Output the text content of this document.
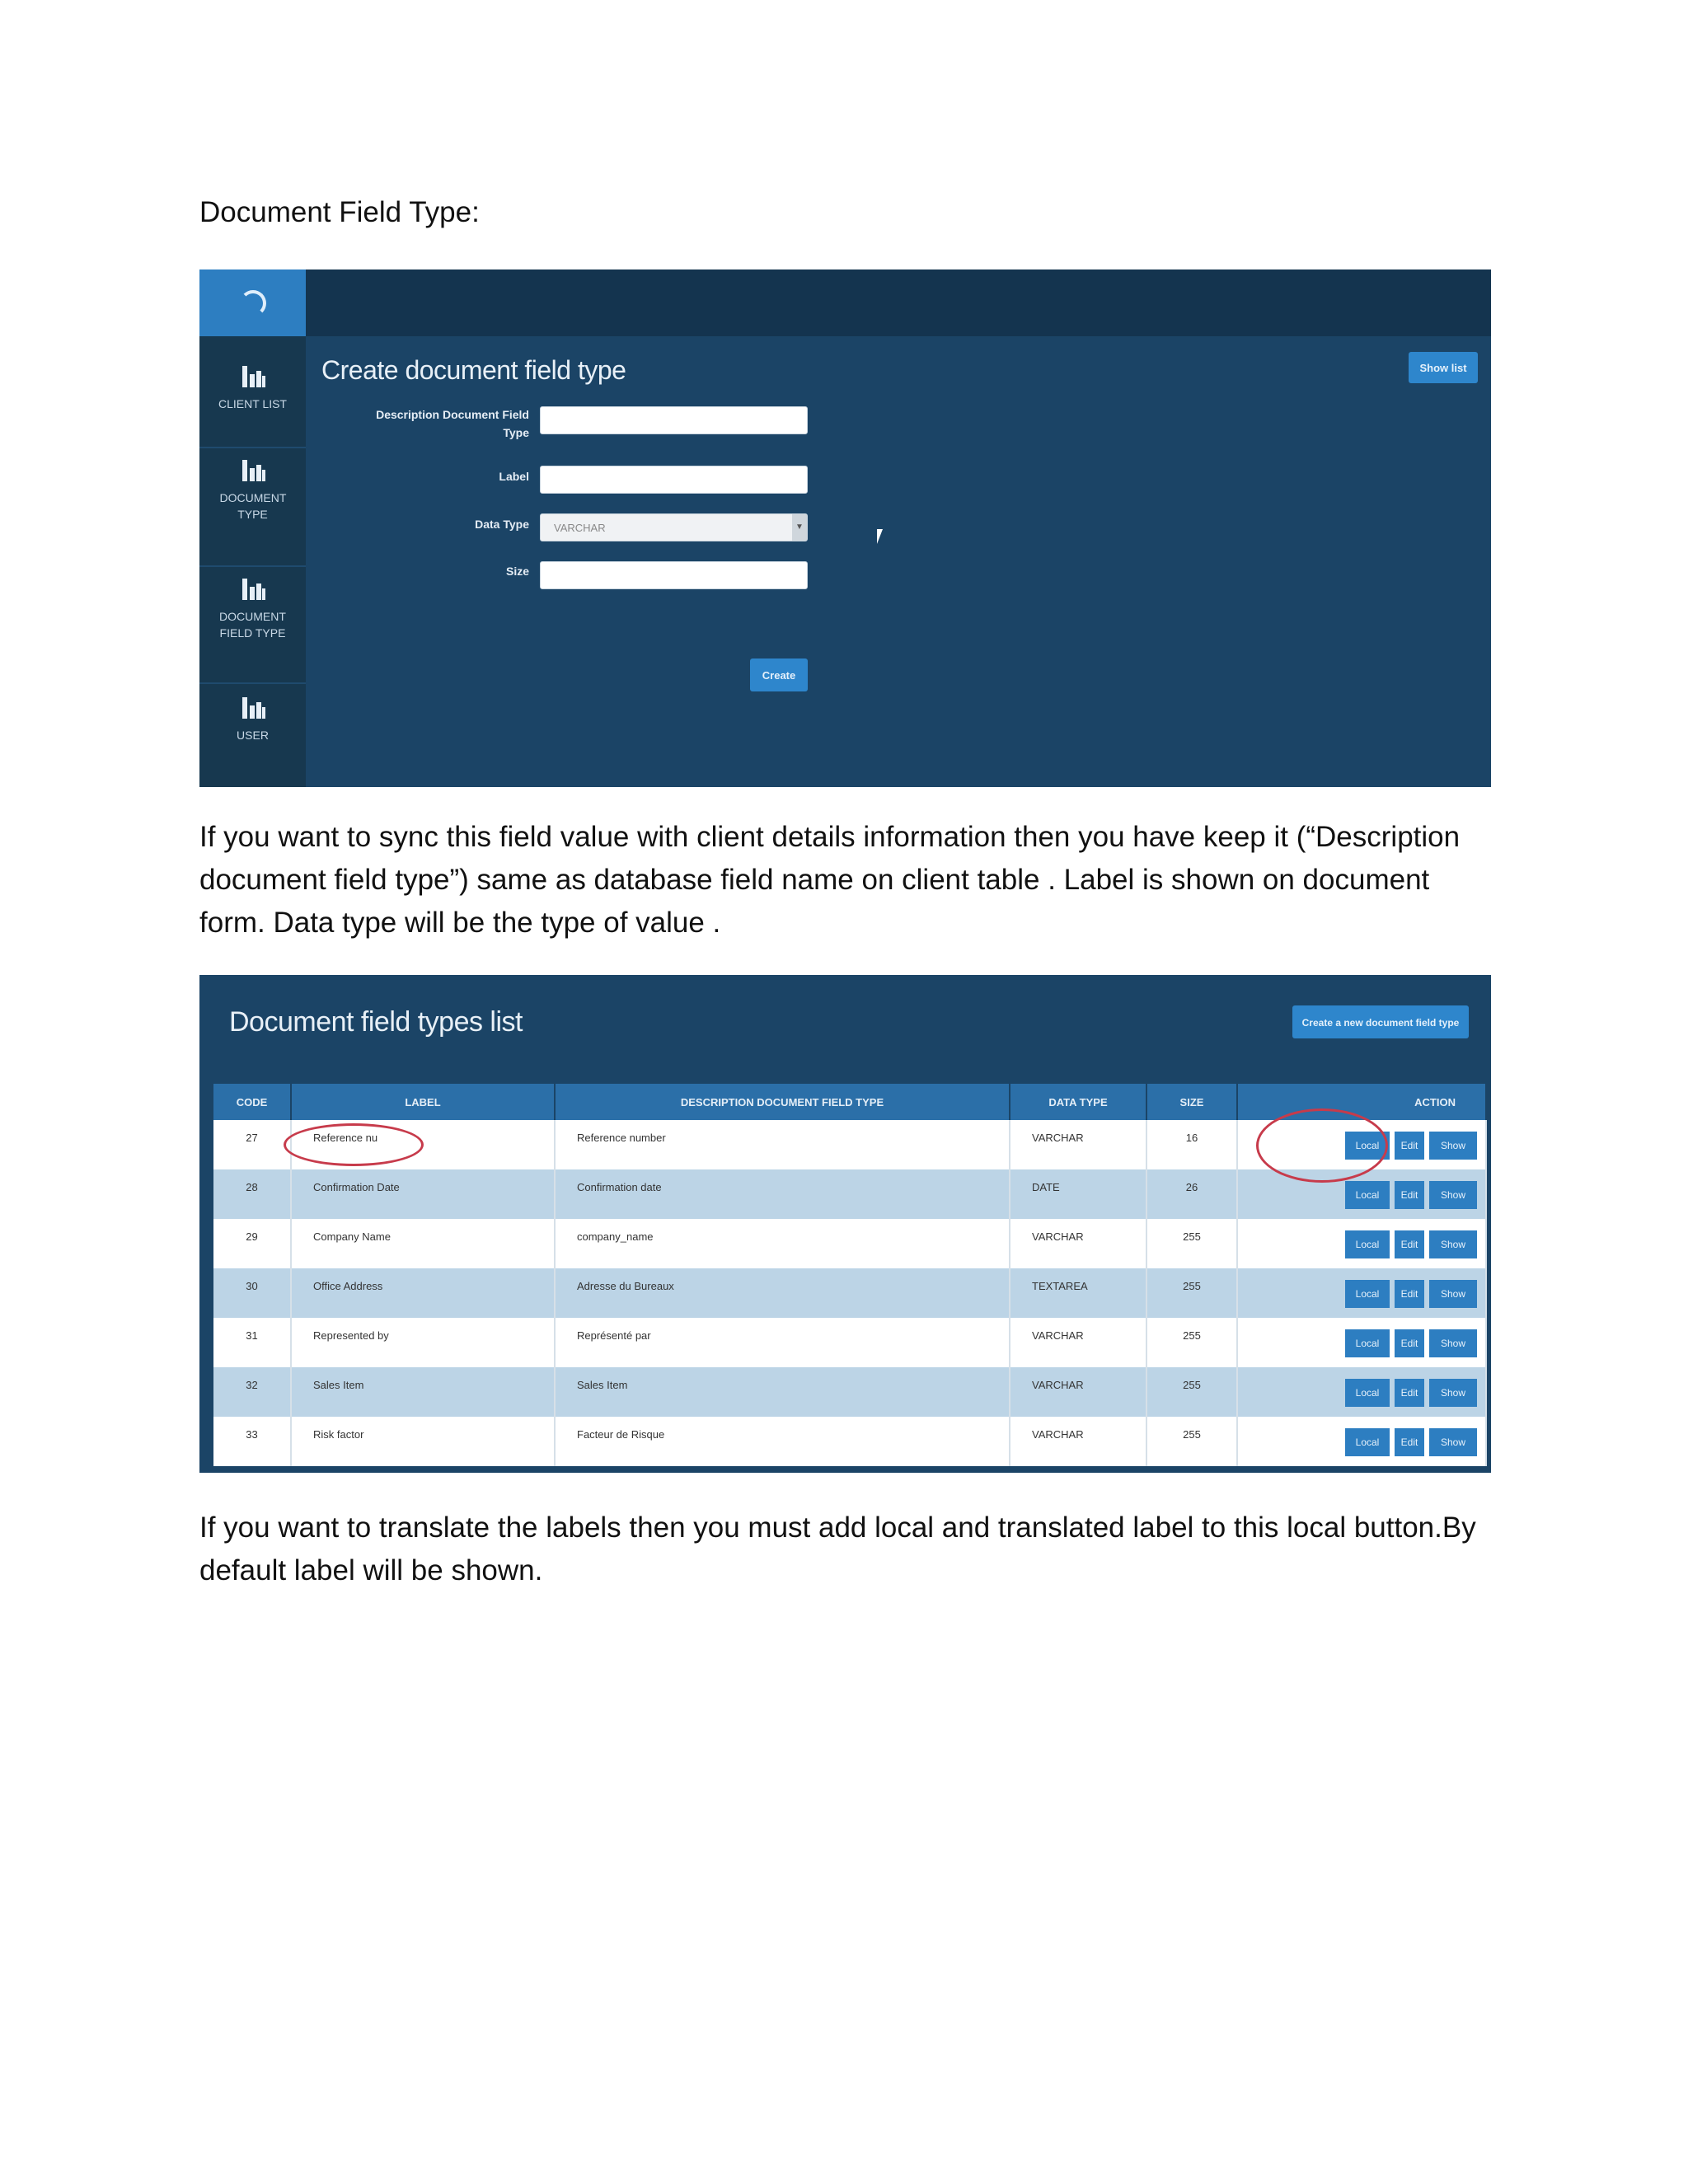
Document Field Type:
CLIENT LIST
DOCUMENT TYPE
DOCUMENT FIELD TYPE
USER
Create document field type	Show list
Description Document Field Type
Label
Data Type	VARCHAR	▼
Size
Create
If you want to sync this field value with client details information then you have keep it (“Description document field type”) same as database field name on client table . Label is shown on document form. Data type will be the type of value .
Document field types list	Create a new document field type
CODE	LABEL	DESCRIPTION DOCUMENT FIELD TYPE	DATA TYPE	SIZE	ACTION
27	Reference nu	Reference number	VARCHAR	16	Local Edit Show
28	Confirmation Date	Confirmation date	DATE	26	Local Edit Show
29	Company Name	company_name	VARCHAR	255	Local Edit Show
30	Office Address	Adresse du Bureaux	TEXTAREA	255	Local Edit Show
31	Represented by	Représenté par	VARCHAR	255	Local Edit Show
32	Sales Item	Sales Item	VARCHAR	255	Local Edit Show
33	Risk factor	Facteur de Risque	VARCHAR	255	Local Edit Show
If you want to translate the labels then you must add local and translated label to this local button.By default label will be shown.
